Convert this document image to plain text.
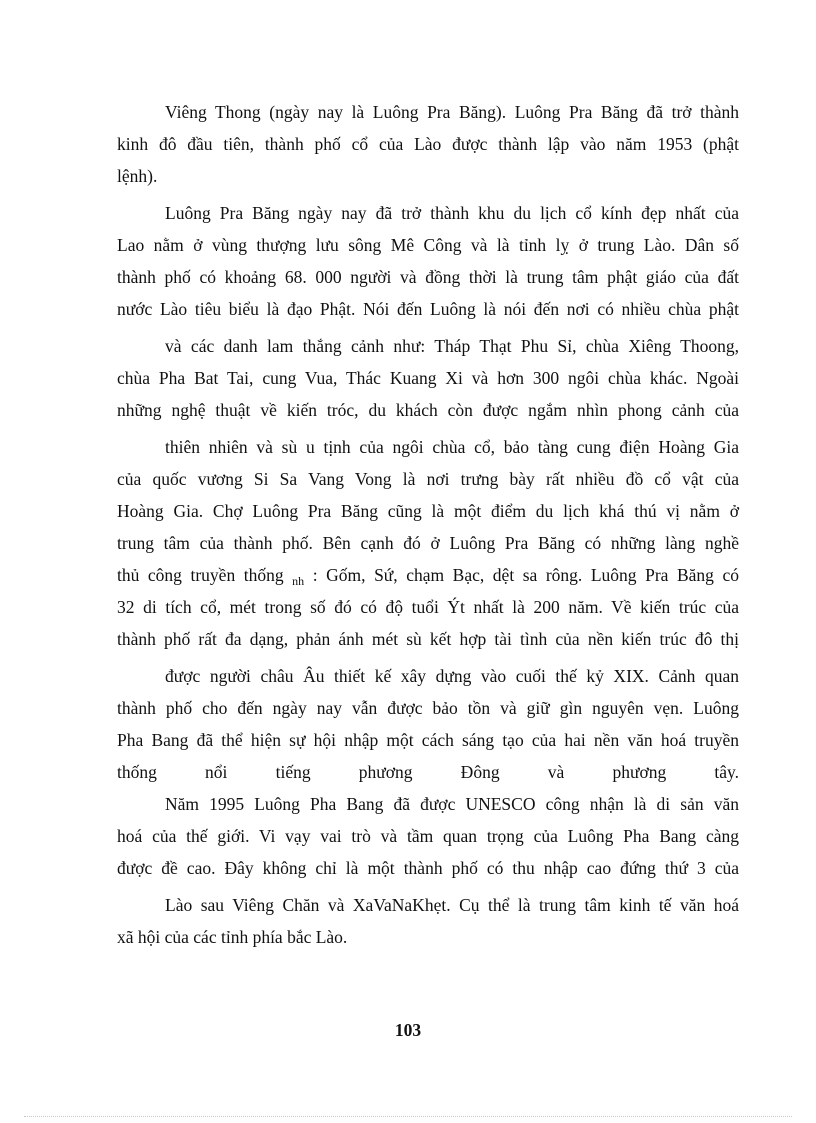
Viêng Thong (ngày nay là Luông Pra Băng). Luông Pra Băng đã trở thành
kinh đô đầu tiên, thành phố cổ của Lào được thành lập vào năm 1953 (phật
lệnh).
Luông Pra Băng ngày nay đã trở thành khu du lịch cổ kính đẹp nhất của
Lao nằm ở vùng thượng lưu sông Mê Công và là tỉnh lỵ ở trung Lào. Dân số
thành phố có khoảng 68. 000 người và đồng thời là trung tâm phật giáo của đất
nước Lào tiêu biểu là đạo Phật. Nói đến Luông là nói đến nơi có nhiều chùa phật
và các danh lam thắng cảnh như: Tháp Thạt Phu Sỉ, chùa Xiêng Thoong,
chùa Pha Bat Tai, cung Vua, Thác Kuang Xi và hơn 300 ngôi chùa khác. Ngoài
những nghệ thuật về kiến tróc, du khách còn được ngắm nhìn phong cảnh của
thiên nhiên và sù u tịnh của ngôi chùa cổ, bảo tàng cung điện Hoàng Gia
của quốc vương Si Sa Vang Vong là nơi trưng bày rất nhiều đồ cổ vật của
Hoàng Gia. Chợ Luông Pra Băng cũng là một điểm du lịch khá thú vị nằm ở
trung tâm của thành phố. Bên cạnh đó ở Luông Pra Băng có những làng nghề
thủ công truyền thống $_{nh}$ : Gốm, Sứ, chạm Bạc, dệt sa rông. Luông Pra Băng có
32 di tích cổ, mét trong số đó có độ tuổi Ýt nhất là 200 năm. Về kiến trúc của
thành phố rất đa dạng, phản ánh mét sù kết hợp tài tình của nền kiến trúc đô thị
được người châu Âu thiết kế xây dựng vào cuối thế kỷ XIX. Cảnh quan
thành phố cho đến ngày nay vẫn được bảo tồn và giữ gìn nguyên vẹn. Luông
Pha Bang đã thể hiện sự hội nhập một cách sáng tạo của hai nền văn hoá truyền
thống nổi tiếng phương Đông và phương tây.
Năm 1995 Luông Pha Bang đã được UNESCO công nhận là di sản văn
hoá của thế giới. Vi vạy vai trò và tầm quan trọng của Luông Pha Bang càng
được đề cao. Đây không chỉ là một thành phố có thu nhập cao đứng thứ 3 của
Lào sau Viêng Chăn và XaVaNaKhẹt. Cụ thể là trung tâm kinh tế văn hoá
xã hội của các tỉnh phía bắc Lào.
103
